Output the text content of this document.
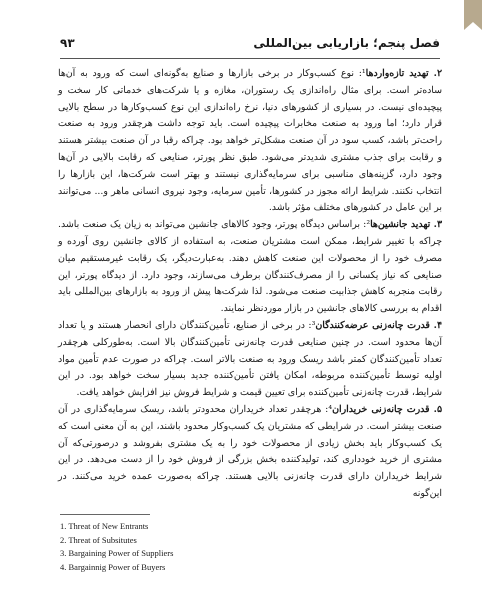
۹۳	فصل پنجم؛ بازاریابی بین‌المللی

۲. تهدید تازه‌واردها¹: نوع کسب‌وکار در برخی بازارها و صنایع به‌گونه‌ای است که ورود به آن‌ها ساده‌تر است. برای مثال راه‌اندازی یک رستوران، مغازه و یا شرکت‌های خدماتی کار سخت و پیچیده‌ای نیست. در بسیاری از کشورهای دنیا، نرخ راه‌اندازی این نوع کسب‌وکارها در سطح بالایی قرار دارد؛ اما ورود به صنعت مخابرات پیچیده است. باید توجه داشت هرچقدر ورود به صنعت راحت‌تر باشد، کسب سود در آن صنعت مشکل‌تر خواهد بود. چراکه رقبا در آن صنعت بیشتر هستند و رقابت برای جذب مشتری شدیدتر می‌شود. طبق نظر پورتر، صنایعی که رقابت بالایی در آن‌ها وجود دارد، گزینه‌های مناسبی برای سرمایه‌گذاری نیستند و بهتر است شرکت‌ها، این بازارها را انتخاب نکنند. شرایط ارائه مجوز در کشورها، تأمین سرمایه، وجود نیروی انسانی ماهر و... می‌توانند بر این عامل در کشورهای مختلف مؤثر باشد.

۳. تهدید جانشین‌ها²: براساس دیدگاه پورتر، وجود کالاهای جانشین می‌تواند به زیان یک صنعت باشد. چراکه با تغییر شرایط، ممکن است مشتریان صنعت، به استفاده از کالای جانشین روی آورده و مصرف خود را از محصولات این صنعت کاهش دهند. به‌عبارت‌دیگر، یک رقابت غیرمستقیم میان صنایعی که نیاز یکسانی را از مصرف‌کنندگان برطرف می‌سازند، وجود دارد. از دیدگاه پورتر، این رقابت منجربه کاهش جذابیت صنعت می‌شود. لذا شرکت‌ها پیش از ورود به بازارهای بین‌المللی باید اقدام به بررسی کالاهای جانشین در بازار موردنظر نمایند.

۴. قدرت چانه‌زنی عرضه‌کنندگان³: در برخی از صنایع، تأمین‌کنندگان دارای انحصار هستند و یا تعداد آن‌ها محدود است. در چنین صنایعی قدرت چانه‌زنی تأمین‌کنندگان بالا است. به‌طورکلی هرچقدر تعداد تأمین‌کنندگان کمتر باشد ریسک ورود به صنعت بالاتر است. چراکه در صورت عدم تأمین مواد اولیه توسط تأمین‌کننده مربوطه، امکان یافتن تأمین‌کننده جدید بسیار سخت خواهد بود. در این شرایط، قدرت چانه‌زنی تأمین‌کننده برای تعیین قیمت و شرایط فروش نیز افزایش خواهد یافت.

۵. قدرت چانه‌زنی خریداران⁴: هرچقدر تعداد خریداران محدودتر باشد، ریسک سرمایه‌گذاری در آن صنعت بیشتر است. در شرایطی که مشتریان یک کسب‌وکار محدود باشند، این به آن معنی است که یک کسب‌وکار باید بخش زیادی از محصولات خود را به یک مشتری بفروشد و درصورتی‌که آن مشتری از خرید خودداری کند، تولیدکننده بخش بزرگی از فروش خود را از دست می‌دهد. در این شرایط خریداران دارای قدرت چانه‌زنی بالایی هستند. چراکه به‌صورت عمده خرید می‌کنند. در این‌گونه

1. Threat of New Entrants

2. Threat of Subsitutes

3. Bargaining Power of Suppliers

4. Bargainnig Power of Buyers
